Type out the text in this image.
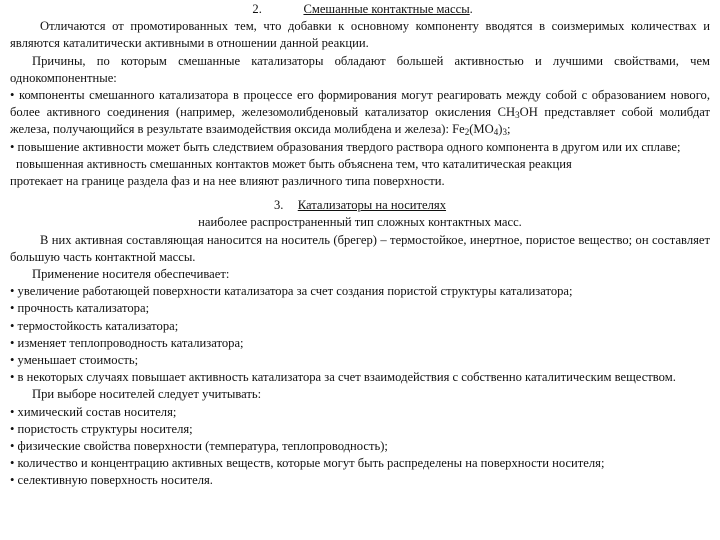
2.	Смешанные контактные массы.

Отличаются от промотированных тем, что добавки к основному компоненту вводятся в соизмеримых количествах и являются каталитически активными в отношении данной реакции.

Причины, по которым смешанные катализаторы обладают большей активностью и лучшими свойствами, чем однокомпонентные:

• компоненты смешанного катализатора в процессе его формирования могут реагировать между собой с образованием нового, более активного соединения (например, железомолибденовый катализатор окисления $CH_3OH$ представляет собой молибдат железа, получающийся в результате взаимодействия оксида молибдена и железа): $Fe_2(MO_4)_3$;

• повышение активности может быть следствием образования твердого раствора одного компонента в другом или их сплаве;

повышенная активность смешанных контактов может быть объяснена тем, что каталитическая реакция

протекает на границе раздела фаз и на нее влияют различного типа поверхности.

3. Катализаторы на носителях

наиболее распространенный тип сложных контактных масс.

В них активная составляющая наносится на носитель (брегер) – термостойкое, инертное, пористое вещество; он составляет большую часть контактной массы.

Применение носителя обеспечивает:

• увеличение работающей поверхности катализатора за счет создания пористой структуры катализатора;

• прочность катализатора;

• термостойкость катализатора;

• изменяет теплопроводность катализатора;

• уменьшает стоимость;

• в некоторых случаях повышает активность катализатора за счет взаимодействия с собственно каталитическим веществом.

При выборе носителей следует учитывать:

• химический состав носителя;

• пористость структуры носителя;

• физические свойства поверхности (температура, теплопроводность);

• количество и концентрацию активных веществ, которые могут быть распределены на поверхности носителя;

• селективную поверхность носителя.
